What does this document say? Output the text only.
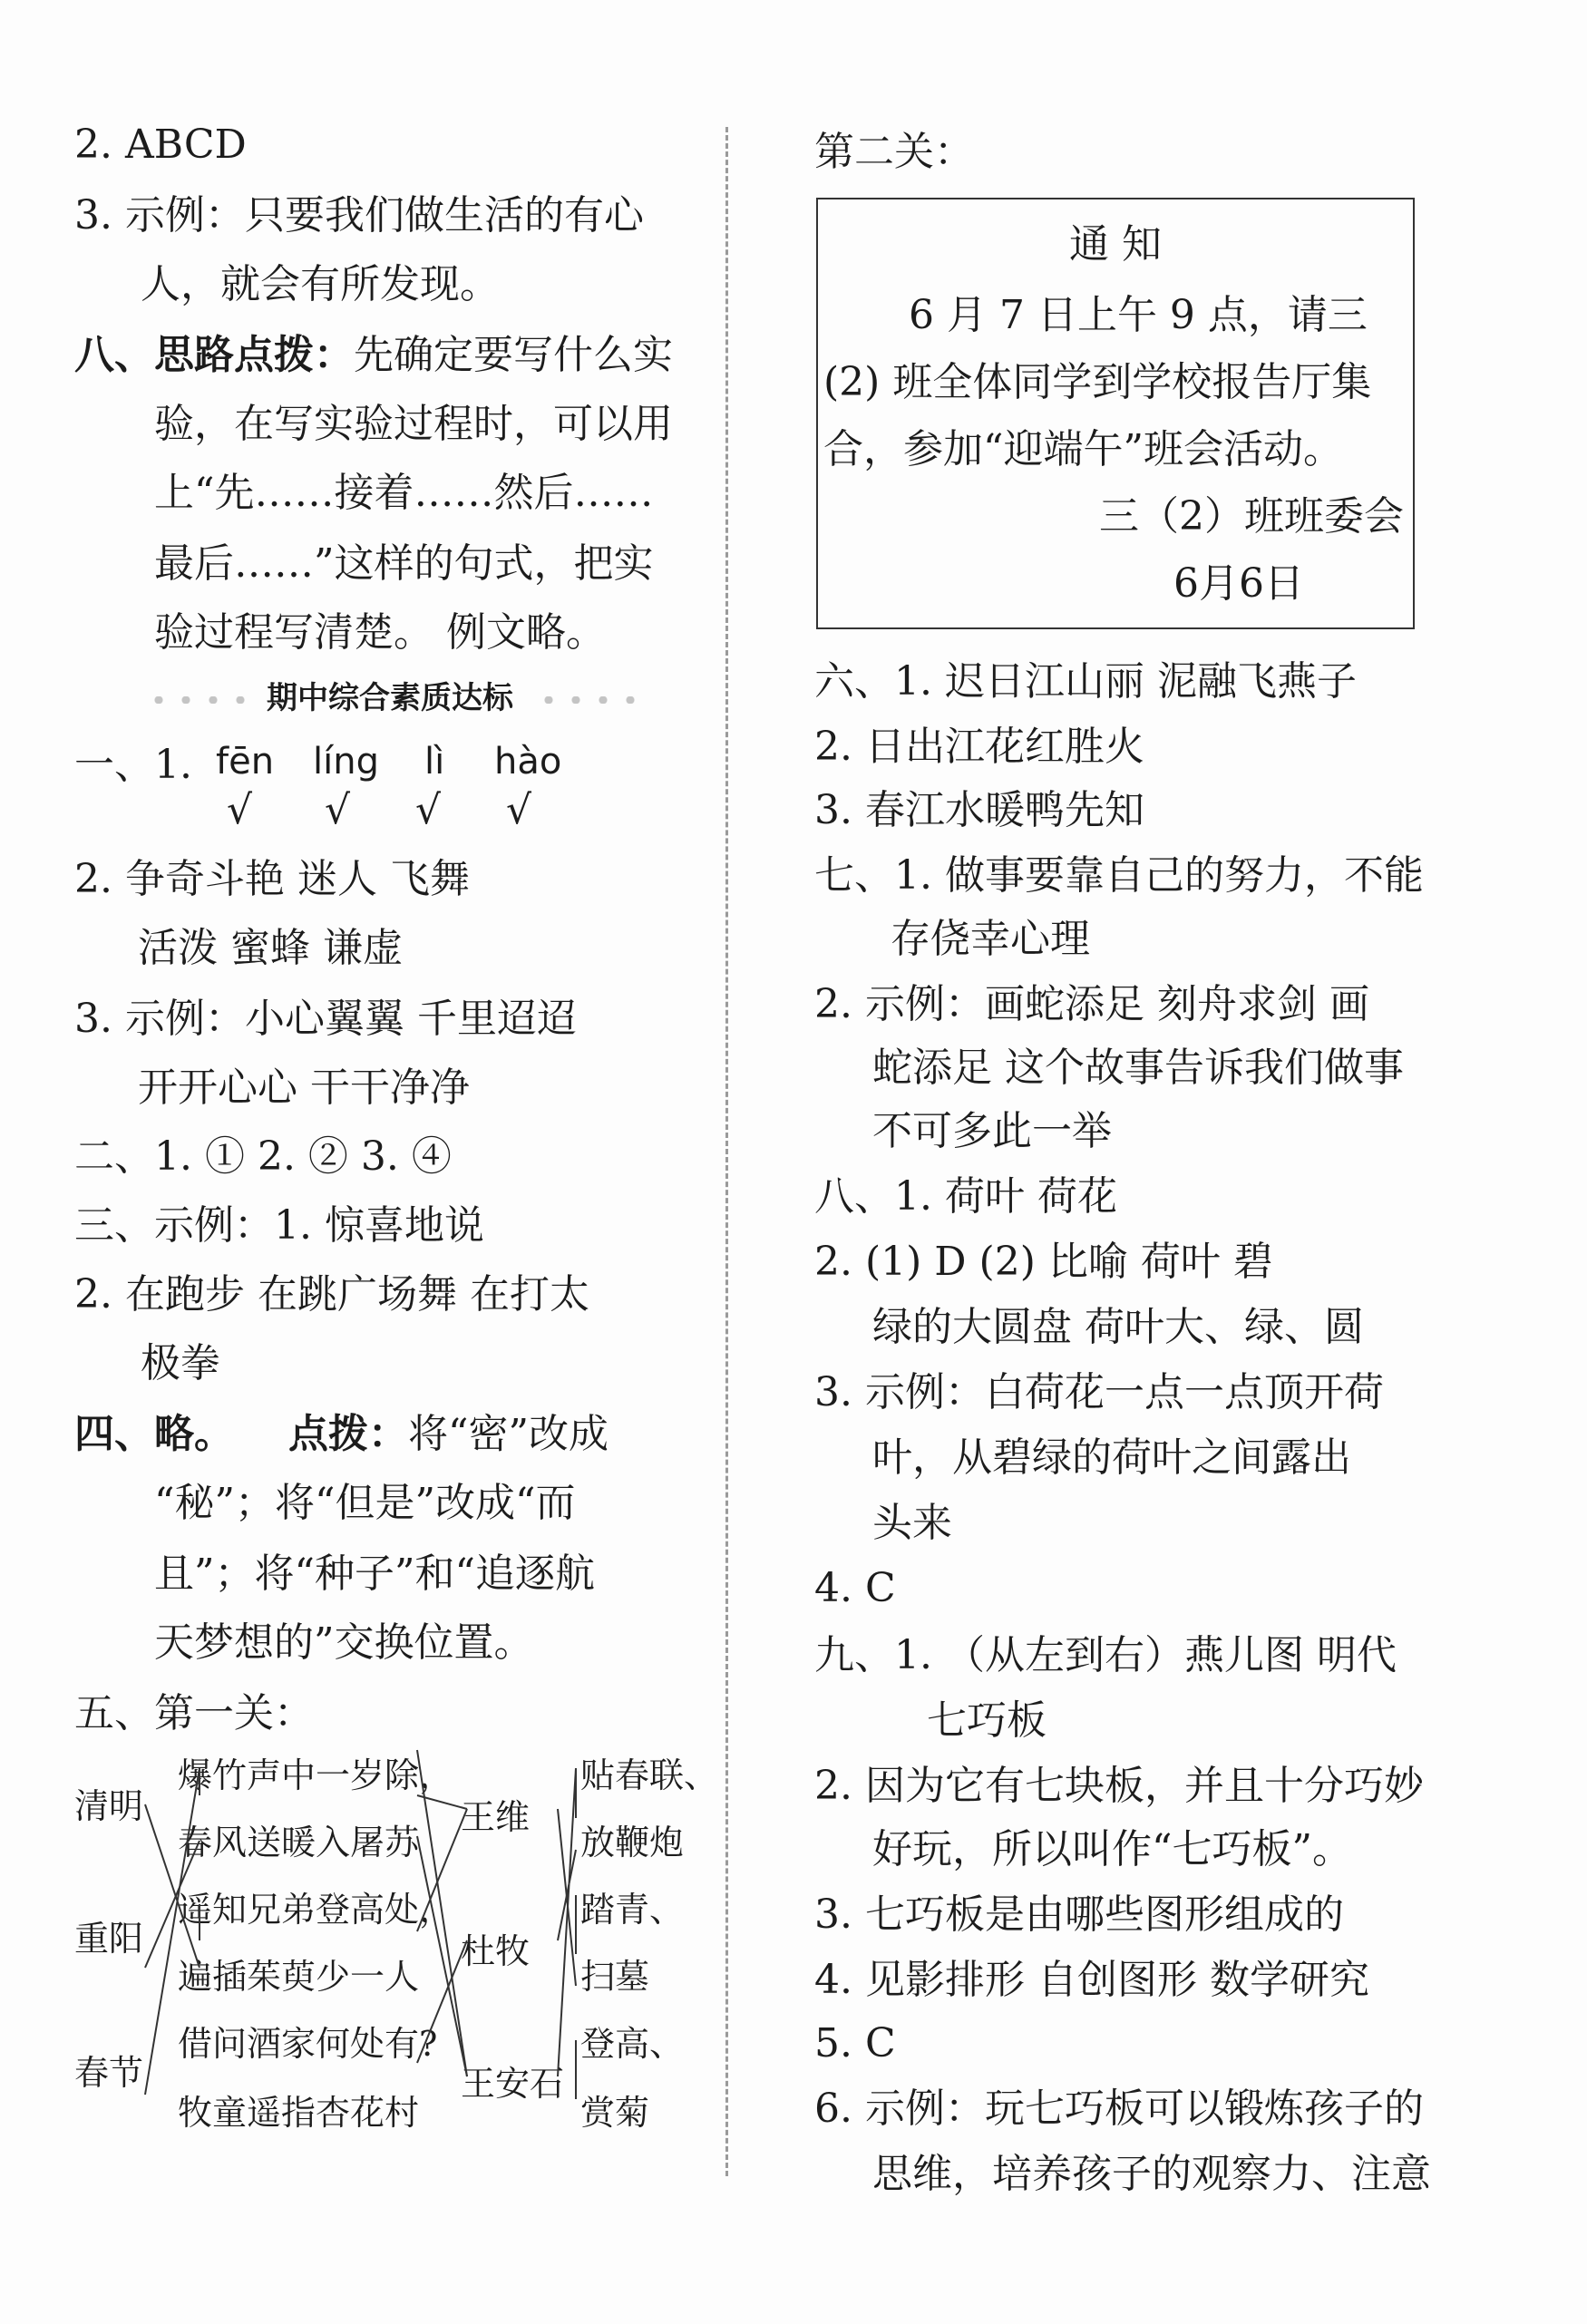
2. ABCD
3. 示例：只要我们做生活的有心
人，就会有所发现。
八、思路点拨：先确定要写什么实
验，在写实验过程时，可以用
上“先……接着……然后……
最后……”这样的句式，把实
验过程写清楚。 例文略。
期中综合素质达标
一、1. fēn líng lì hào
√ √ √ √
2. 争奇斗艳 迷人 飞舞
活泼 蜜蜂 谦虚
3. 示例：小心翼翼 千里迢迢
开开心心 干干净净
二、1. ① 2. ② 3. ④
三、示例：1. 惊喜地说
2. 在跑步 在跳广场舞 在打太
极拳
四、略。 点拨：将“密”改成
“秘”；将“但是”改成“而
且”；将“种子”和“追逐航
天梦想的”交换位置。
五、第一关：
清明
重阳
春节
爆竹声中一岁除，
春风送暖入屠苏
遥知兄弟登高处，
遍插茱萸少一人
借问酒家何处有?
牧童遥指杏花村
王维
杜牧
王安石
贴春联、
放鞭炮
踏青、
扫墓
登高、
赏菊
第二关：
通 知
6 月 7 日上午 9 点，请三
(2) 班全体同学到学校报告厅集
合，参加“迎端午”班会活动。
三（2）班班委会
6月6日
六、1. 迟日江山丽 泥融飞燕子
2. 日出江花红胜火
3. 春江水暖鸭先知
七、1. 做事要靠自己的努力，不能
存侥幸心理
2. 示例：画蛇添足 刻舟求剑 画
蛇添足 这个故事告诉我们做事
不可多此一举
八、1. 荷叶 荷花
2. (1) D (2) 比喻 荷叶 碧
绿的大圆盘 荷叶大、绿、圆
3. 示例：白荷花一点一点顶开荷
叶，从碧绿的荷叶之间露出
头来
4. C
九、1. （从左到右）燕儿图 明代
七巧板
2. 因为它有七块板，并且十分巧妙
好玩，所以叫作“七巧板”。
3. 七巧板是由哪些图形组成的
4. 见影排形 自创图形 数学研究
5. C
6. 示例：玩七巧板可以锻炼孩子的
思维，培养孩子的观察力、注意
